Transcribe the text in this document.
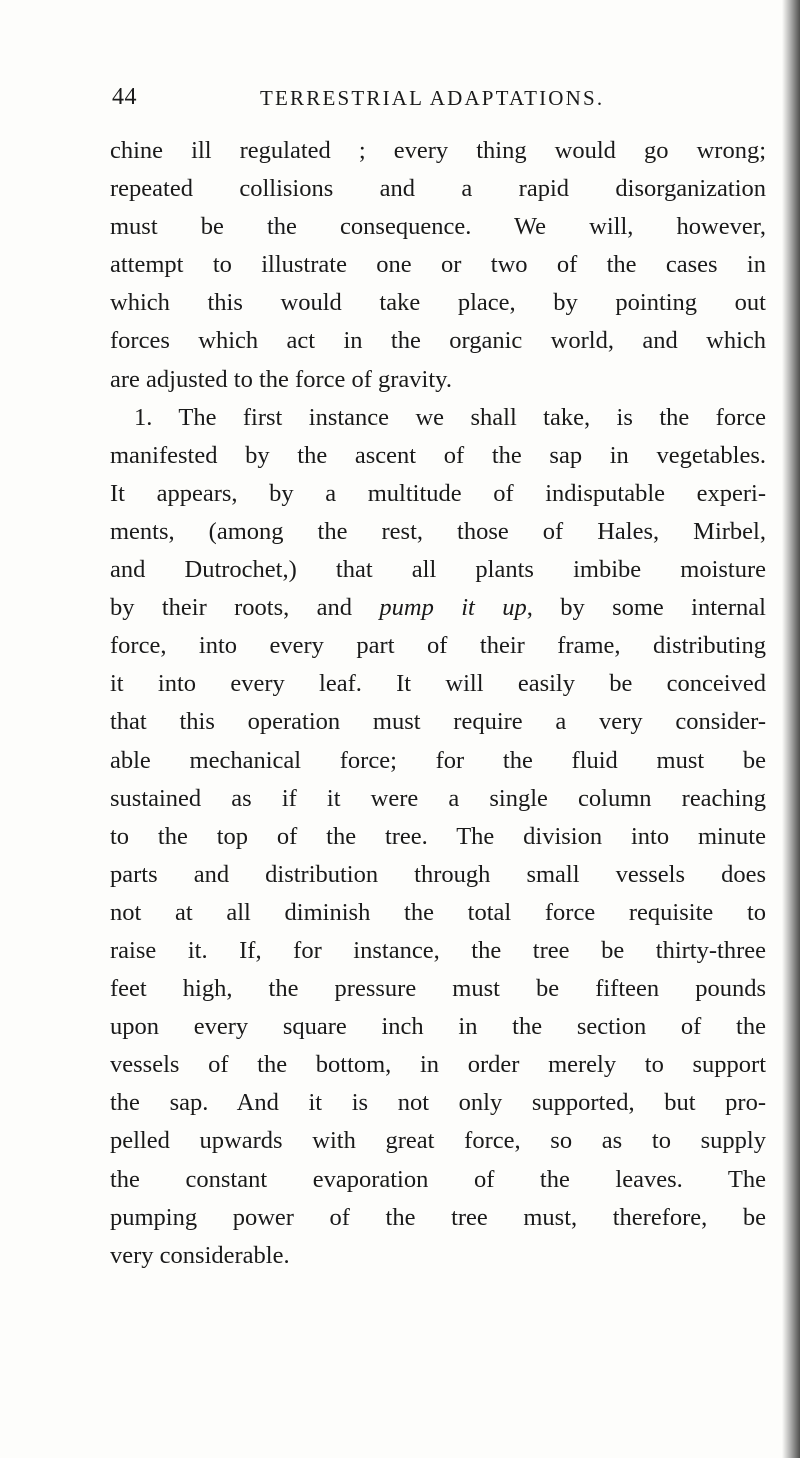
44	TERRESTRIAL ADAPTATIONS.
chine ill regulated ; every thing would go wrong;
repeated collisions and a rapid disorganization
must be the consequence. We will, however,
attempt to illustrate one or two of the cases in
which this would take place, by pointing out
forces which act in the organic world, and which
are adjusted to the force of gravity.
1. The first instance we shall take, is the force
manifested by the ascent of the sap in vegetables.
It appears, by a multitude of indisputable experi-
ments, (among the rest, those of Hales, Mirbel,
and Dutrochet,) that all plants imbibe moisture
by their roots, and pump it up, by some internal
force, into every part of their frame, distributing
it into every leaf. It will easily be conceived
that this operation must require a very consider-
able mechanical force; for the fluid must be
sustained as if it were a single column reaching
to the top of the tree. The division into minute
parts and distribution through small vessels does
not at all diminish the total force requisite to
raise it. If, for instance, the tree be thirty-three
feet high, the pressure must be fifteen pounds
upon every square inch in the section of the
vessels of the bottom, in order merely to support
the sap. And it is not only supported, but pro-
pelled upwards with great force, so as to supply
the constant evaporation of the leaves. The
pumping power of the tree must, therefore, be
very considerable.
